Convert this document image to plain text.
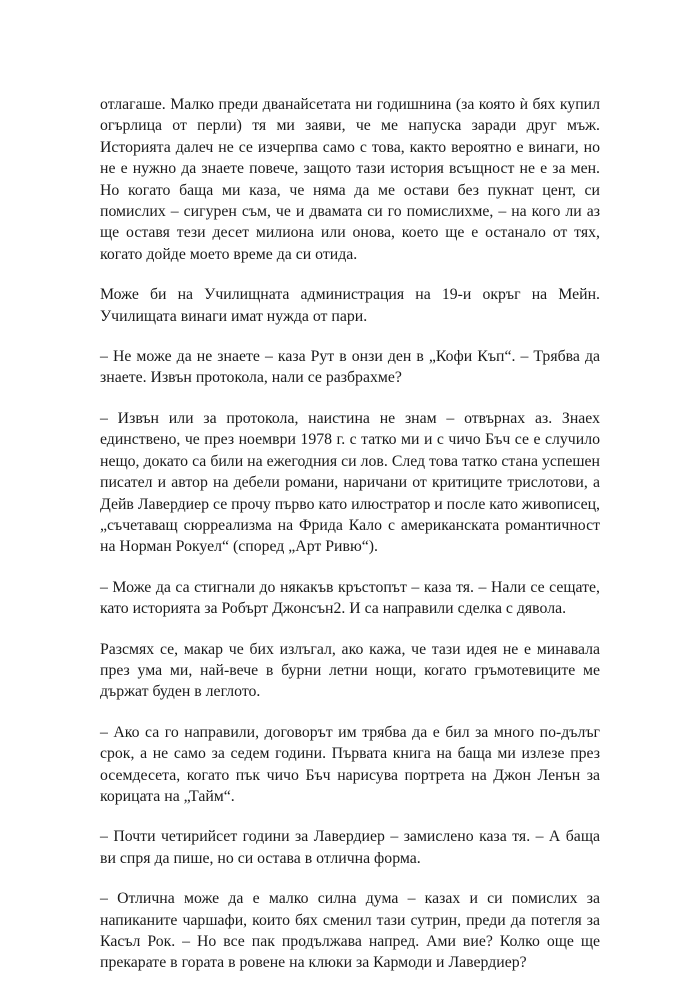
отлагаше. Малко преди дванайсетата ни годишнина (за която ѝ бях купил огърлица от перли) тя ми заяви, че ме напуска заради друг мъж. Историята далеч не се изчерпва само с това, както вероятно е винаги, но не е нужно да знаете повече, защото тази история всъщност не е за мен. Но когато баща ми каза, че няма да ме остави без пукнат цент, си помислих – сигурен съм, че и двамата си го помислихме, – на кого ли аз ще оставя тези десет милиона или онова, което ще е останало от тях, когато дойде моето време да си отида.

Може би на Училищната администрация на 19-и окръг на Мейн. Училищата винаги имат нужда от пари.

– Не може да не знаете – каза Рут в онзи ден в „Кофи Къп“. – Трябва да знаете. Извън протокола, нали се разбрахме?

– Извън или за протокола, наистина не знам – отвърнах аз. Знаех единствено, че през ноември 1978 г. с татко ми и с чичо Бъч се е случило нещо, докато са били на ежегодния си лов. След това татко стана успешен писател и автор на дебели романи, наричани от критиците трислотови, а Дейв Лавердиер се прочу първо като илюстратор и после като живописец, „съчетаващ сюрреализма на Фрида Кало с американската романтичност на Норман Рокуел“ (според „Арт Ривю“).

– Може да са стигнали до някакъв кръстопът – каза тя. – Нали се сещате, като историята за Робърт Джонсън2. И са направили сделка с дявола.

Разсмях се, макар че бих излъгал, ако кажа, че тази идея не е минавала през ума ми, най-вече в бурни летни нощи, когато гръмотевиците ме държат буден в леглото.

– Ако са го направили, договорът им трябва да е бил за много по-дълъг срок, а не само за седем години. Първата книга на баща ми излезе през осемдесета, когато пък чичо Бъч нарисува портрета на Джон Ленън за корицата на „Тайм“.

– Почти четирийсет години за Лавердиер – замислено каза тя. – А баща ви спря да пише, но си остава в отлична форма.

– Отлична може да е малко силна дума – казах и си помислих за напиканите чаршафи, които бях сменил тази сутрин, преди да потегля за Касъл Рок. – Но все пак продължава напред. Ами вие? Колко още ще прекарате в гората в ровене на клюки за Кармоди и Лавердиер?
